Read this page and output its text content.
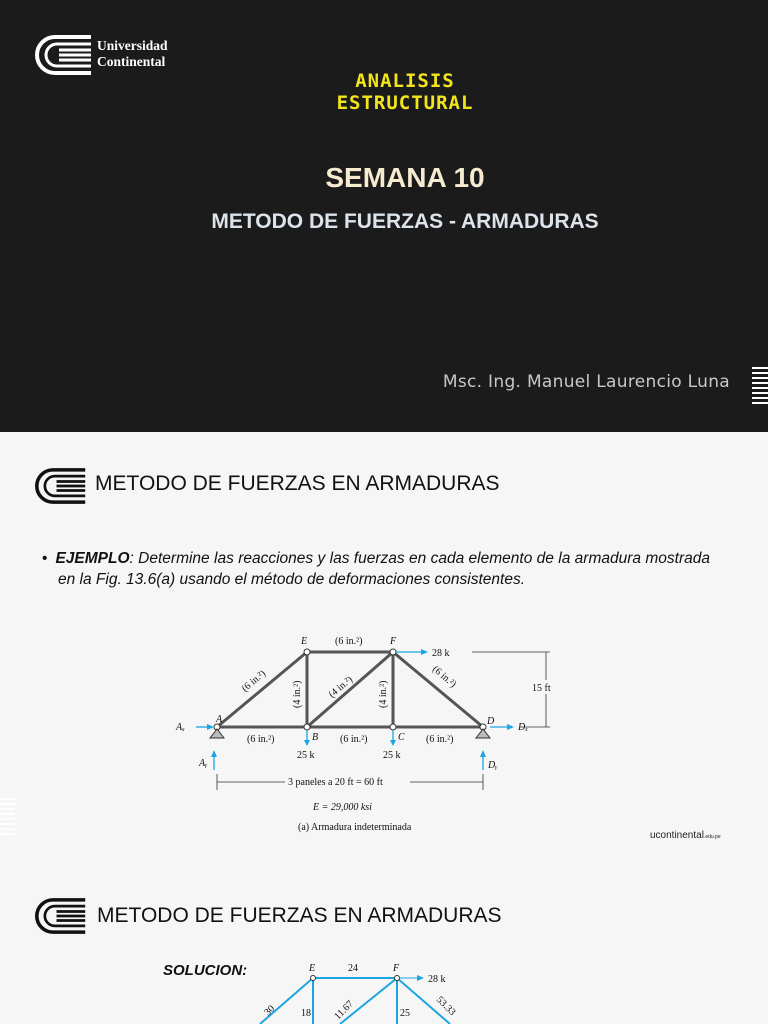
Universidad
Continental
ANALISIS
ESTRUCTURAL
SEMANA 10
METODO DE FUERZAS - ARMADURAS
Msc. Ing. Manuel Laurencio Luna
METODO DE FUERZAS EN ARMADURAS
• EJEMPLO: Determine las reacciones y las fuerzas en cada elemento de la armadura mostrada en la Fig. 13.6(a) usando el método de deformaciones consistentes.
E	F
A
B	C
D
(6 in.²)
(6 in.²)	(6 in.²)
(4 in.²)	(4 in.²)
(4 in.²)
(6 in.²)	(6 in.²)	(6 in.²)
28 k
25 k	25 k
Aₓ
Aᵧ
Dₓ
Dᵧ
15 ft
3 paneles a 20 ft = 60 ft
E = 29,000 ksi
(a) Armadura indeterminada
ucontinental.edu.pe
METODO DE FUERZAS EN ARMADURAS
SOLUCION:	E	F
24
28 k
30 18 11.67	25 53.33
